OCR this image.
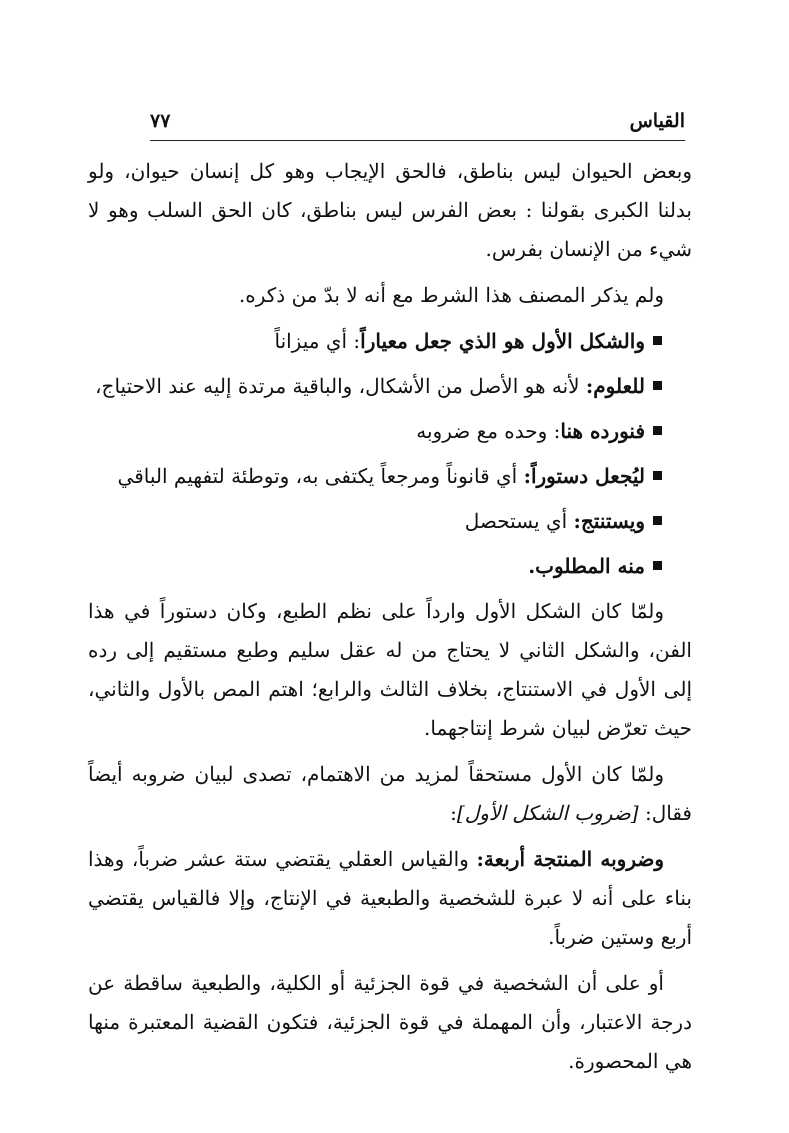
٧٧	القياس

وبعض الحيوان ليس بناطق، فالحق الإيجاب وهو كل إنسان حيوان، ولو بدلنا الكبرى بقولنا : بعض الفرس ليس بناطق، كان الحق السلب وهو لا شيء من الإنسان بفرس.

ولم يذكر المصنف هذا الشرط مع أنه لا بدّ من ذكره.

والشكل الأول هو الذي جعل معياراً: أي ميزاناً
للعلوم: لأنه هو الأصل من الأشكال، والباقية مرتدة إليه عند الاحتياج،
فنورده هنا: وحده مع ضروبه
ليُجعل دستوراً: أي قانوناً ومرجعاً يكتفى به، وتوطئة لتفهيم الباقي
ويستنتج: أي يستحصل
منه المطلوب.

ولمّا كان الشكل الأول وارداً على نظم الطبع، وكان دستوراً في هذا الفن، والشكل الثاني لا يحتاج من له عقل سليم وطبع مستقيم إلى رده إلى الأول في الاستنتاج، بخلاف الثالث والرابع؛ اهتم المص بالأول والثاني، حيث تعرّض لبيان شرط إنتاجهما.

ولمّا كان الأول مستحقاً لمزيد من الاهتمام، تصدى لبيان ضروبه أيضاً فقال: [ضروب الشكل الأول]:

وضروبه المنتجة أربعة: والقياس العقلي يقتضي ستة عشر ضرباً، وهذا بناء على أنه لا عبرة للشخصية والطبعية في الإنتاج، وإلا فالقياس يقتضي أربع وستين ضرباً.

أو على أن الشخصية في قوة الجزئية أو الكلية، والطبعية ساقطة عن درجة الاعتبار، وأن المهملة في قوة الجزئية، فتكون القضية المعتبرة منها هي المحصورة.
